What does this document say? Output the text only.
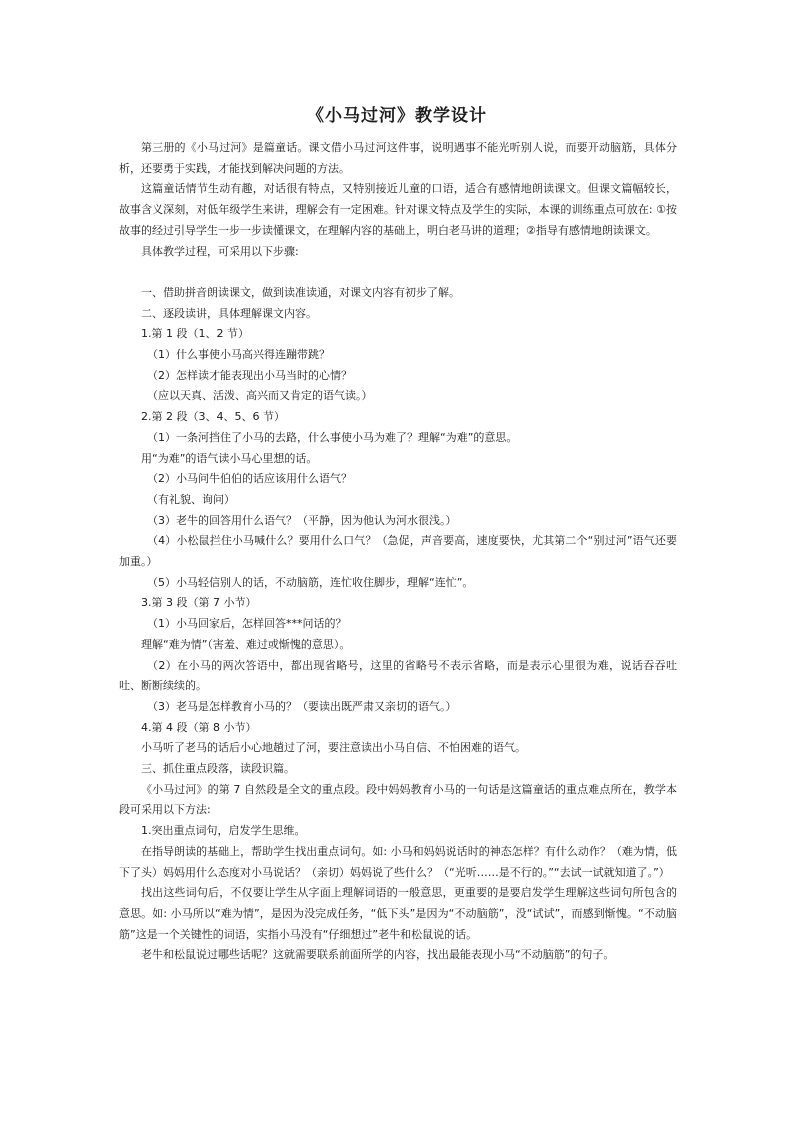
《小马过河》教学设计

第三册的《小马过河》是篇童话。课文借小马过河这件事，说明遇事不能光听别人说，而要开动脑筋，具体分析，还要勇于实践，才能找到解决问题的方法。

这篇童话情节生动有趣，对话很有特点，又特别接近儿童的口语，适合有感情地朗读课文。但课文篇幅较长，故事含义深刻，对低年级学生来讲，理解会有一定困难。针对课文特点及学生的实际，本课的训练重点可放在: ①按故事的经过引导学生一步一步读懂课文，在理解内容的基础上，明白老马讲的道理；②指导有感情地朗读课文。

具体教学过程，可采用以下步骤:

一、借助拼音朗读课文，做到读准读通，对课文内容有初步了解。

二、逐段读讲，具体理解课文内容。

1.第 1 段（1、2 节）

（1）什么事使小马高兴得连蹦带跳？

（2）怎样读才能表现出小马当时的心情？

（应以天真、活泼、高兴而又肯定的语气读。）

2.第 2 段（3、4、5、6 节）

（1）一条河挡住了小马的去路，什么事使小马为难了？理解“为难”的意思。

用“为难”的语气读小马心里想的话。

（2）小马问牛伯伯的话应该用什么语气？

（有礼貌、询问）

（3）老牛的回答用什么语气？（平静，因为他认为河水很浅。）

（4）小松鼠拦住小马喊什么？要用什么口气？（急促，声音要高，速度要快，尤其第二个“别过河”语气还要加重。）

（5）小马轻信别人的话，不动脑筋，连忙收住脚步，理解“连忙”。

3.第 3 段（第 7 小节）

（1）小马回家后，怎样回答***问话的？

理解“难为情”（害羞、难过或惭愧的意思）。

（2）在小马的两次答语中，都出现省略号，这里的省略号不表示省略，而是表示心里很为难，说话吞吞吐吐、断断续续的。

（3）老马是怎样教育小马的？（要读出既严肃又亲切的语气。）

4.第 4 段（第 8 小节）

小马听了老马的话后小心地趟过了河，要注意读出小马自信、不怕困难的语气。

三、抓住重点段落，读段识篇。

《小马过河》的第 7 自然段是全文的重点段。段中妈妈教育小马的一句话是这篇童话的重点难点所在，教学本段可采用以下方法:

1.突出重点词句，启发学生思维。

在指导朗读的基础上，帮助学生找出重点词句。如: 小马和妈妈说话时的神态怎样？有什么动作？（难为情，低下了头）妈妈用什么态度对小马说话？（亲切）妈妈说了些什么？（“光听……是不行的。”“去试一试就知道了。”）

找出这些词句后，不仅要让学生从字面上理解词语的一般意思，更重要的是要启发学生理解这些词句所包含的意思。如: 小马所以“难为情”，是因为没完成任务，“低下头”是因为“不动脑筋”，没“试试”，而感到惭愧。“不动脑筋”这是一个关键性的词语，实指小马没有“仔细想过”老牛和松鼠说的话。

老牛和松鼠说过哪些话呢？这就需要联系前面所学的内容，找出最能表现小马“不动脑筋”的句子。
